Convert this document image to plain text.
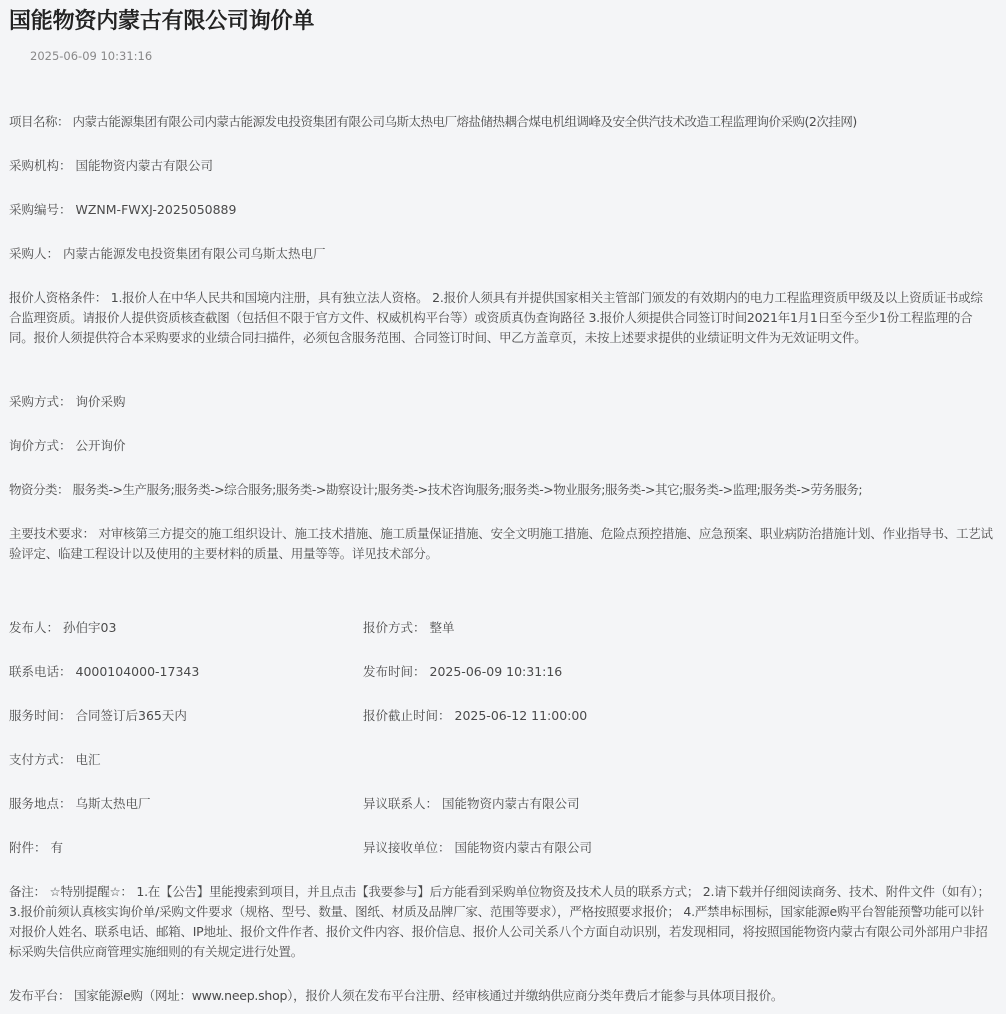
国能物资内蒙古有限公司询价单
2025-06-09 10:31:16
项目名称： 内蒙古能源集团有限公司内蒙古能源发电投资集团有限公司乌斯太热电厂熔盐储热耦合煤电机组调峰及安全供汽技术改造工程监理询价采购(2次挂网)
采购机构： 国能物资内蒙古有限公司
采购编号： WZNM-FWXJ-2025050889
采购人： 内蒙古能源发电投资集团有限公司乌斯太热电厂
报价人资格条件： 1.报价人在中华人民共和国境内注册，具有独立法人资格。 2.报价人须具有并提供国家相关主管部门颁发的有效期内的电力工程监理资质甲级及以上资质证书或综合监理资质。请报价人提供资质核查截图（包括但不限于官方文件、权威机构平台等）或资质真伪查询路径 3.报价人须提供合同签订时间2021年1月1日至今至少1份工程监理的合同。报价人须提供符合本采购要求的业绩合同扫描件，必须包含服务范围、合同签订时间、甲乙方盖章页，未按上述要求提供的业绩证明文件为无效证明文件。
采购方式： 询价采购
询价方式： 公开询价
物资分类： 服务类->生产服务;服务类->综合服务;服务类->勘察设计;服务类->技术咨询服务;服务类->物业服务;服务类->其它;服务类->监理;服务类->劳务服务;
主要技术要求： 对审核第三方提交的施工组织设计、施工技术措施、施工质量保证措施、安全文明施工措施、危险点预控措施、应急预案、职业病防治措施计划、作业指导书、工艺试验评定、临建工程设计以及使用的主要材料的质量、用量等等。详见技术部分。
发布人： 孙伯宇03	报价方式： 整单
联系电话： 4000104000-17343	发布时间： 2025-06-09 10:31:16
服务时间： 合同签订后365天内	报价截止时间： 2025-06-12 11:00:00
支付方式： 电汇
服务地点： 乌斯太热电厂	异议联系人： 国能物资内蒙古有限公司
附件： 有	异议接收单位： 国能物资内蒙古有限公司
备注： ☆特别提醒☆： 1.在【公告】里能搜索到项目，并且点击【我要参与】后方能看到采购单位物资及技术人员的联系方式； 2.请下载并仔细阅读商务、技术、附件文件（如有）； 3.报价前须认真核实询价单/采购文件要求（规格、型号、数量、图纸、材质及品牌厂家、范围等要求），严格按照要求报价； 4.严禁串标围标，国家能源e购平台智能预警功能可以针对报价人姓名、联系电话、邮箱、IP地址、报价文件作者、报价文件内容、报价信息、报价人公司关系八个方面自动识别，若发现相同，将按照国能物资内蒙古有限公司外部用户非招标采购失信供应商管理实施细则的有关规定进行处置。
发布平台： 国家能源e购（网址：www.neep.shop），报价人须在发布平台注册、经审核通过并缴纳供应商分类年费后才能参与具体项目报价。
